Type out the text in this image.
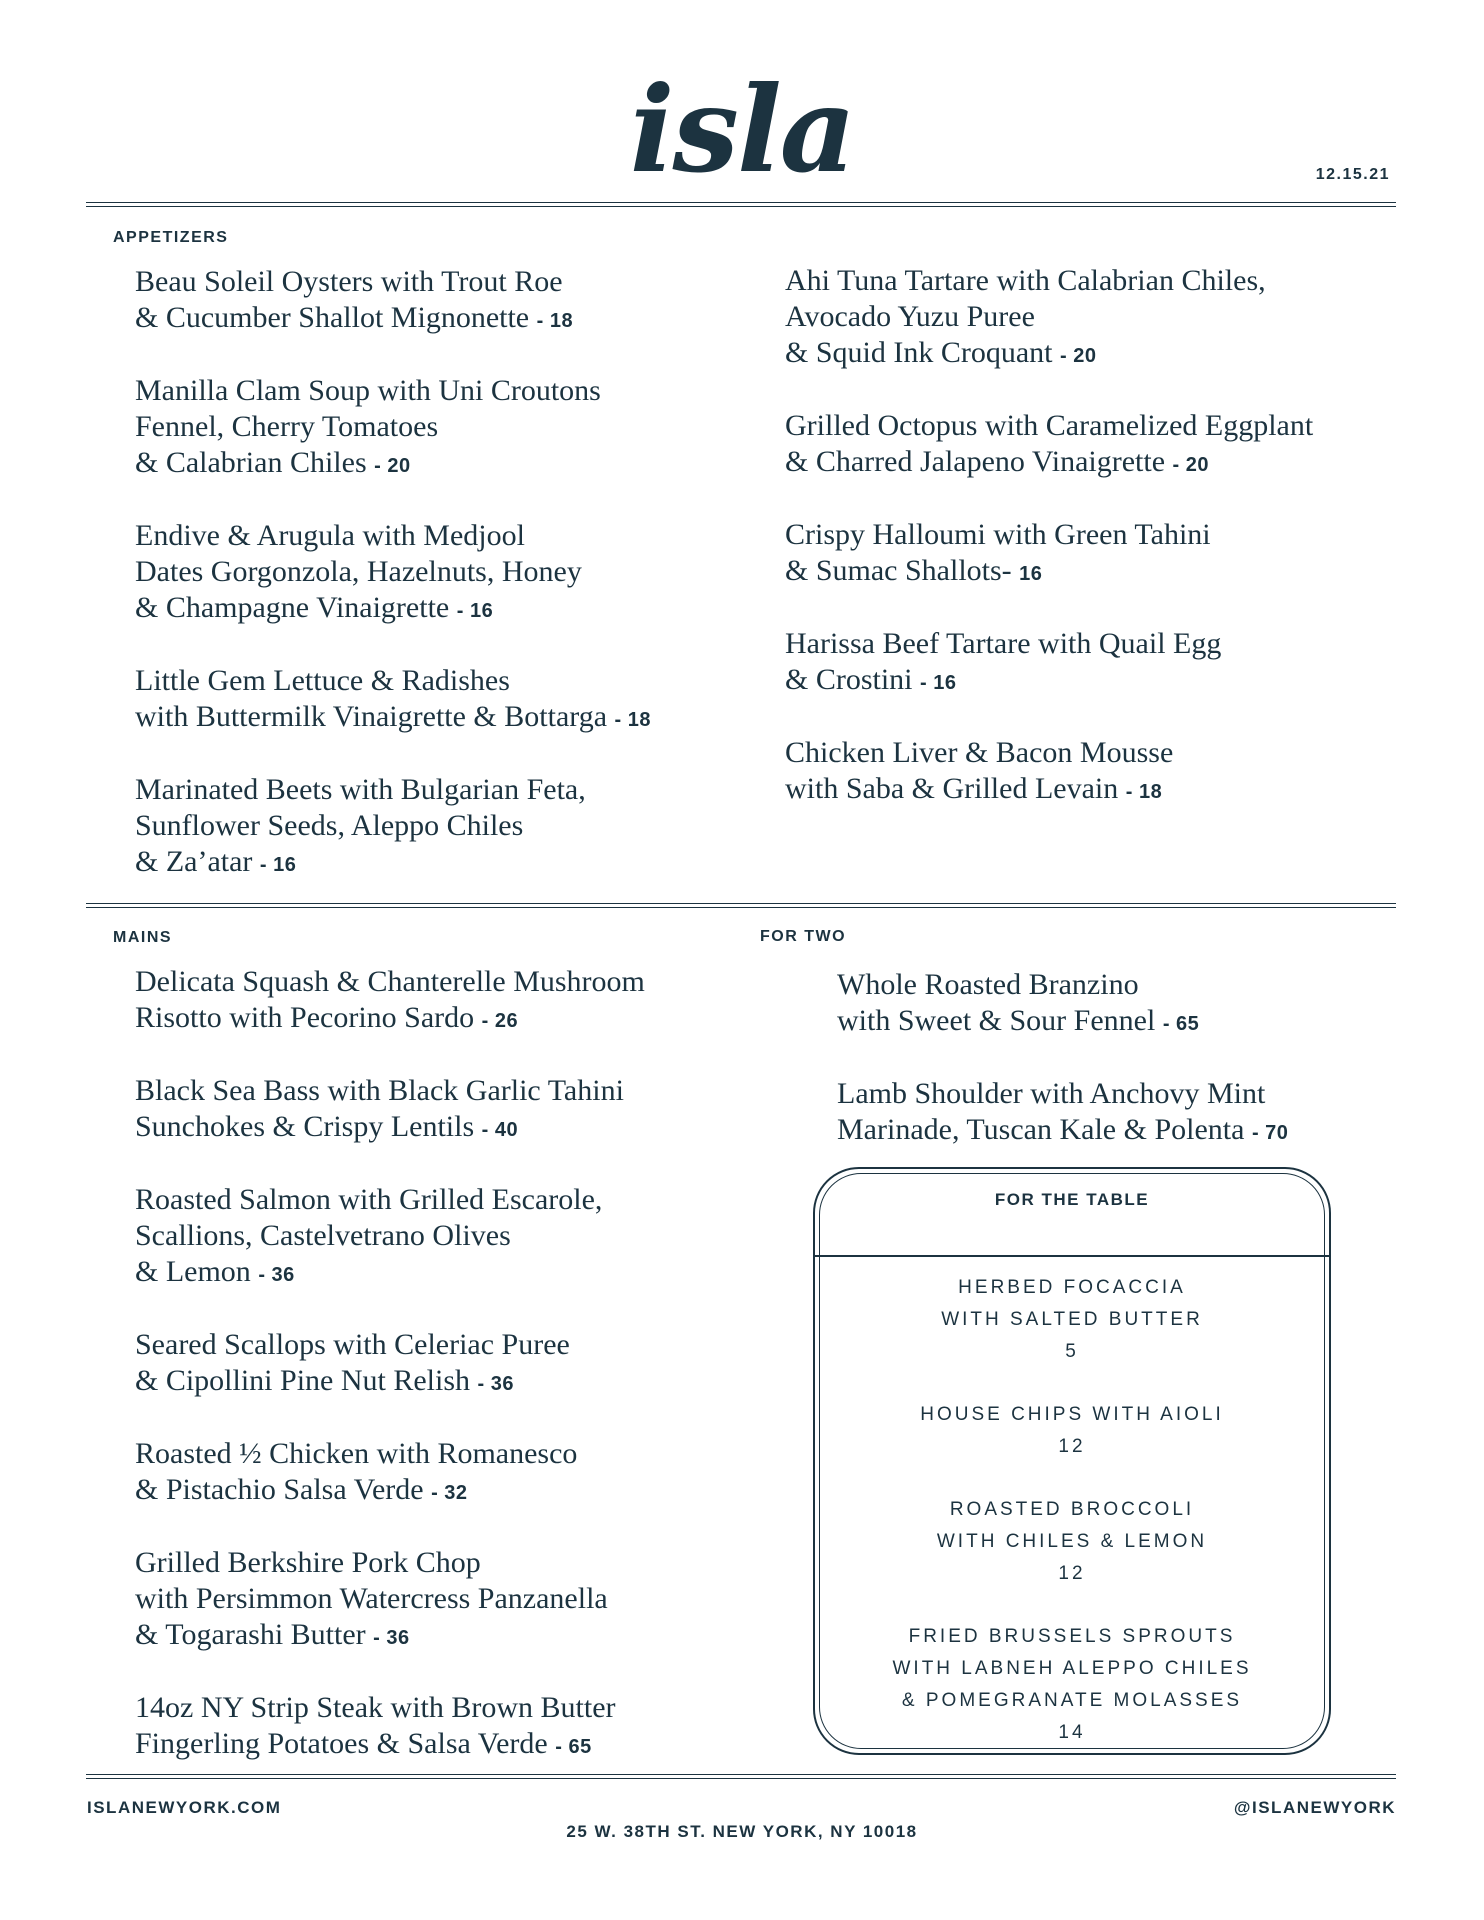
isla	12.15.21
APPETIZERS
Beau Soleil Oysters with Trout Roe
& Cucumber Shallot Mignonette - 18
Manilla Clam Soup with Uni Croutons
Fennel, Cherry Tomatoes
& Calabrian Chiles - 20
Endive & Arugula with Medjool
Dates Gorgonzola, Hazelnuts, Honey
& Champagne Vinaigrette - 16
Little Gem Lettuce & Radishes
with Buttermilk Vinaigrette & Bottarga - 18
Marinated Beets with Bulgarian Feta,
Sunflower Seeds, Aleppo Chiles
& Za’atar - 16
Ahi Tuna Tartare with Calabrian Chiles,
Avocado Yuzu Puree
& Squid Ink Croquant - 20
Grilled Octopus with Caramelized Eggplant
& Charred Jalapeno Vinaigrette - 20
Crispy Halloumi with Green Tahini
& Sumac Shallots- 16
Harissa Beef Tartare with Quail Egg
& Crostini - 16
Chicken Liver & Bacon Mousse
with Saba & Grilled Levain - 18
MAINS
Delicata Squash & Chanterelle Mushroom
Risotto with Pecorino Sardo - 26
Black Sea Bass with Black Garlic Tahini
Sunchokes & Crispy Lentils - 40
Roasted Salmon with Grilled Escarole,
Scallions, Castelvetrano Olives
& Lemon - 36
Seared Scallops with Celeriac Puree
& Cipollini Pine Nut Relish - 36
Roasted ½ Chicken with Romanesco
& Pistachio Salsa Verde - 32
Grilled Berkshire Pork Chop
with Persimmon Watercress Panzanella
& Togarashi Butter - 36
14oz NY Strip Steak with Brown Butter
Fingerling Potatoes & Salsa Verde - 65
FOR TWO
Whole Roasted Branzino
with Sweet & Sour Fennel - 65
Lamb Shoulder with Anchovy Mint
Marinade, Tuscan Kale & Polenta - 70
FOR THE TABLE
HERBED FOCACCIA
WITH SALTED BUTTER
5
HOUSE CHIPS WITH AIOLI
12
ROASTED BROCCOLI
WITH CHILES & LEMON
12
FRIED BRUSSELS SPROUTS
WITH LABNEH ALEPPO CHILES
& POMEGRANATE MOLASSES
14
ISLANEWYORK.COM	@ISLANEWYORK
25 W. 38TH ST. NEW YORK, NY 10018
